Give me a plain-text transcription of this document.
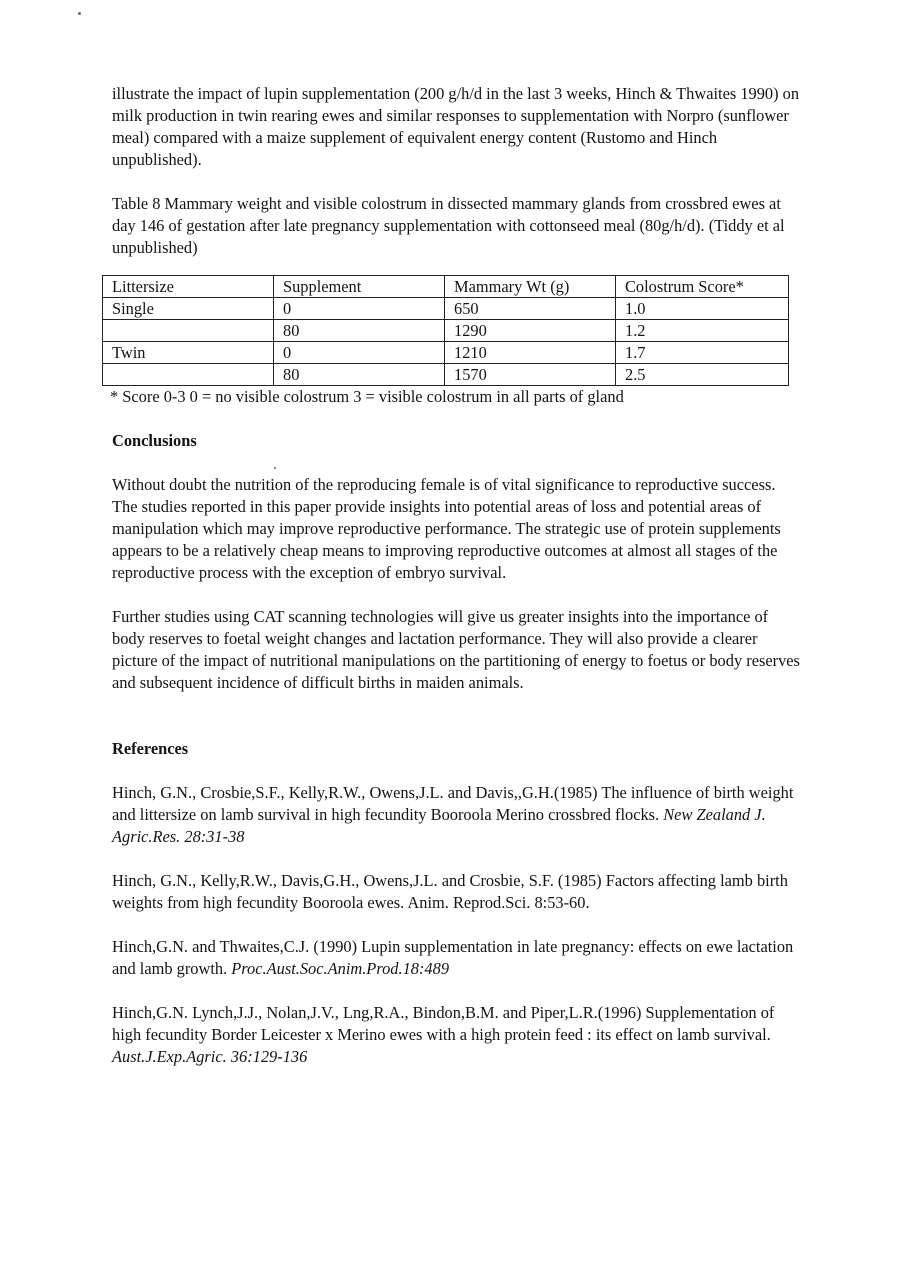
illustrate the impact of lupin supplementation (200 g/h/d in the last 3 weeks, Hinch & Thwaites 1990) on milk production in twin rearing ewes and similar responses to supplementation with Norpro (sunflower meal) compared with a maize supplement of equivalent energy content (Rustomo and Hinch unpublished).

Table 8 Mammary weight and visible colostrum in dissected mammary glands from crossbred ewes at day 146 of gestation after late pregnancy supplementation with cottonseed meal (80g/h/d). (Tiddy et al unpublished)

Littersize	Supplement	Mammary Wt (g)	Colostrum Score*
Single	0	650	1.0
	80	1290	1.2
Twin	0	1210	1.7
	80	1570	2.5

* Score 0-3 0 = no visible colostrum 3 = visible colostrum in all parts of gland

Conclusions

Without doubt the nutrition of the reproducing female is of vital significance to reproductive success. The studies reported in this paper provide insights into potential areas of loss and potential areas of manipulation which may improve reproductive performance. The strategic use of protein supplements appears to be a relatively cheap means to improving reproductive outcomes at almost all stages of the reproductive process with the exception of embryo survival.

Further studies using CAT scanning technologies will give us greater insights into the importance of body reserves to foetal weight changes and lactation performance. They will also provide a clearer picture of the impact of nutritional manipulations on the partitioning of energy to foetus or body reserves and subsequent incidence of difficult births in maiden animals.

References

Hinch, G.N., Crosbie,S.F., Kelly,R.W., Owens,J.L. and Davis,,G.H.(1985) The influence of birth weight and littersize on lamb survival in high fecundity Booroola Merino crossbred flocks. New Zealand J. Agric.Res. 28:31-38

Hinch, G.N., Kelly,R.W., Davis,G.H., Owens,J.L. and Crosbie, S.F. (1985) Factors affecting lamb birth weights from high fecundity Booroola ewes. Anim. Reprod.Sci. 8:53-60.

Hinch,G.N. and Thwaites,C.J. (1990) Lupin supplementation in late pregnancy: effects on ewe lactation and lamb growth. Proc.Aust.Soc.Anim.Prod.18:489

Hinch,G.N. Lynch,J.J., Nolan,J.V., Lng,R.A., Bindon,B.M. and Piper,L.R.(1996) Supplementation of high fecundity Border Leicester x Merino ewes with a high protein feed : its effect on lamb survival. Aust.J.Exp.Agric. 36:129-136
